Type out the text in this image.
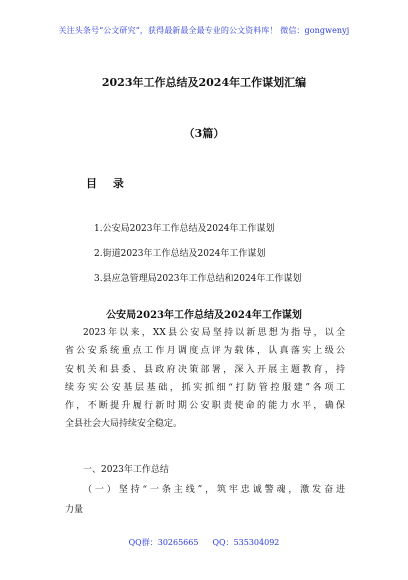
关注头条号“公文研究”，获得最新最全最专业的公文资料库！ 微信：gongwenyj
2023年工作总结及2024年工作谋划汇编
（3篇）
目 录
1.公安局2023年工作总结及2024年工作谋划
2.街道2023年工作总结及2024年工作谋划
3.县应急管理局2023年工作总结和2024年工作谋划
公安局2023年工作总结及2024年工作谋划
2023年以来，XX县公安局坚持以新思想为指导，以全
省公安系统重点工作月调度点评为载体，认真落实上级公
安机关和县委、县政府决策部署，深入开展主题教育，持
续夯实公安基层基础，抓实抓细“打防管控服建”各项工
作，不断提升履行新时期公安职责使命的能力水平，确保
全县社会大局持续安全稳定。
一、2023年工作总结
（一）坚持“一条主线”，筑牢忠诚警魂，激发奋进
力量
QQ群：30265665 QQ：535304092
